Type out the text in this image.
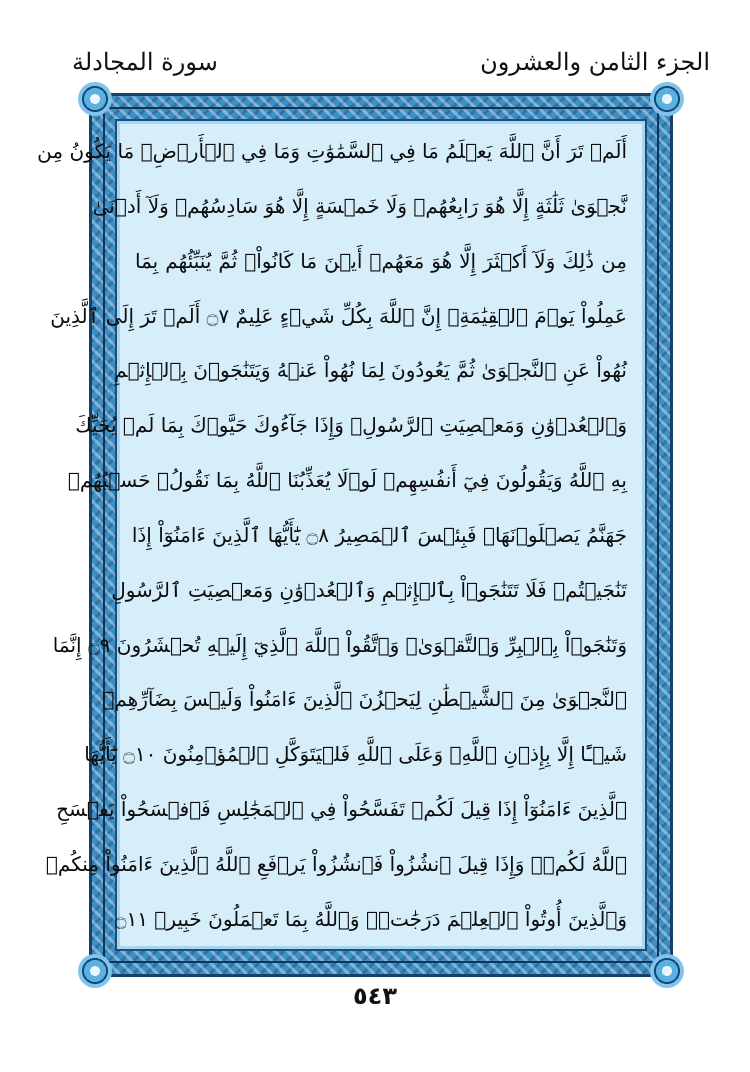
سورة المجادلة	الجزء الثامن والعشرون
أَلَمۡ تَرَ أَنَّ ٱللَّهَ يَعۡلَمُ مَا فِي ٱلسَّمَٰوَٰتِ وَمَا فِي ٱلۡأَرۡضِۖ مَا يَكُونُ مِن
نَّجۡوَىٰ ثَلَٰثَةٍ إِلَّا هُوَ رَابِعُهُمۡ وَلَا خَمۡسَةٍ إِلَّا هُوَ سَادِسُهُمۡ وَلَآ أَدۡنَىٰ
مِن ذَٰلِكَ وَلَآ أَكۡثَرَ إِلَّا هُوَ مَعَهُمۡ أَيۡنَ مَا كَانُواْۖ ثُمَّ يُنَبِّئُهُم بِمَا
عَمِلُواْ يَوۡمَ ٱلۡقِيَٰمَةِۚ إِنَّ ٱللَّهَ بِكُلِّ شَيۡءٍ عَلِيمٌ ۝٧ أَلَمۡ تَرَ إِلَى ٱلَّذِينَ
نُهُواْ عَنِ ٱلنَّجۡوَىٰ ثُمَّ يَعُودُونَ لِمَا نُهُواْ عَنۡهُ وَيَتَنَٰجَوۡنَ بِٱلۡإِثۡمِ
وَٱلۡعُدۡوَٰنِ وَمَعۡصِيَتِ ٱلرَّسُولِۖ وَإِذَا جَآءُوكَ حَيَّوۡكَ بِمَا لَمۡ يُحَيِّكَ
بِهِ ٱللَّهُ وَيَقُولُونَ فِيٓ أَنفُسِهِمۡ لَوۡلَا يُعَذِّبُنَا ٱللَّهُ بِمَا نَقُولُۚ حَسۡبُهُمۡ
جَهَنَّمُ يَصۡلَوۡنَهَاۖ فَبِئۡسَ ٱلۡمَصِيرُ ۝٨ يَٰٓأَيُّهَا ٱلَّذِينَ ءَامَنُوٓاْ إِذَا
تَنَٰجَيۡتُمۡ فَلَا تَتَنَٰجَوۡاْ بِٱلۡإِثۡمِ وَٱلۡعُدۡوَٰنِ وَمَعۡصِيَتِ ٱلرَّسُولِ
وَتَنَٰجَوۡاْ بِٱلۡبِرِّ وَٱلتَّقۡوَىٰۖ وَٱتَّقُواْ ٱللَّهَ ٱلَّذِيٓ إِلَيۡهِ تُحۡشَرُونَ ۝٩ إِنَّمَا
ٱلنَّجۡوَىٰ مِنَ ٱلشَّيۡطَٰنِ لِيَحۡزُنَ ٱلَّذِينَ ءَامَنُواْ وَلَيۡسَ بِضَآرِّهِمۡ
شَيۡـًٔا إِلَّا بِإِذۡنِ ٱللَّهِۚ وَعَلَى ٱللَّهِ فَلۡيَتَوَكَّلِ ٱلۡمُؤۡمِنُونَ ۝١٠ يَٰٓأَيُّهَا
ٱلَّذِينَ ءَامَنُوٓاْ إِذَا قِيلَ لَكُمۡ تَفَسَّحُواْ فِي ٱلۡمَجَٰلِسِ فَٱفۡسَحُواْ يَفۡسَحِ
ٱللَّهُ لَكُمۡۖ وَإِذَا قِيلَ ٱنشُزُواْ فَٱنشُزُواْ يَرۡفَعِ ٱللَّهُ ٱلَّذِينَ ءَامَنُواْ مِنكُمۡ
وَٱلَّذِينَ أُوتُواْ ٱلۡعِلۡمَ دَرَجَٰتٖۚ وَٱللَّهُ بِمَا تَعۡمَلُونَ خَبِيرٞ ۝١١
٥٤٣
